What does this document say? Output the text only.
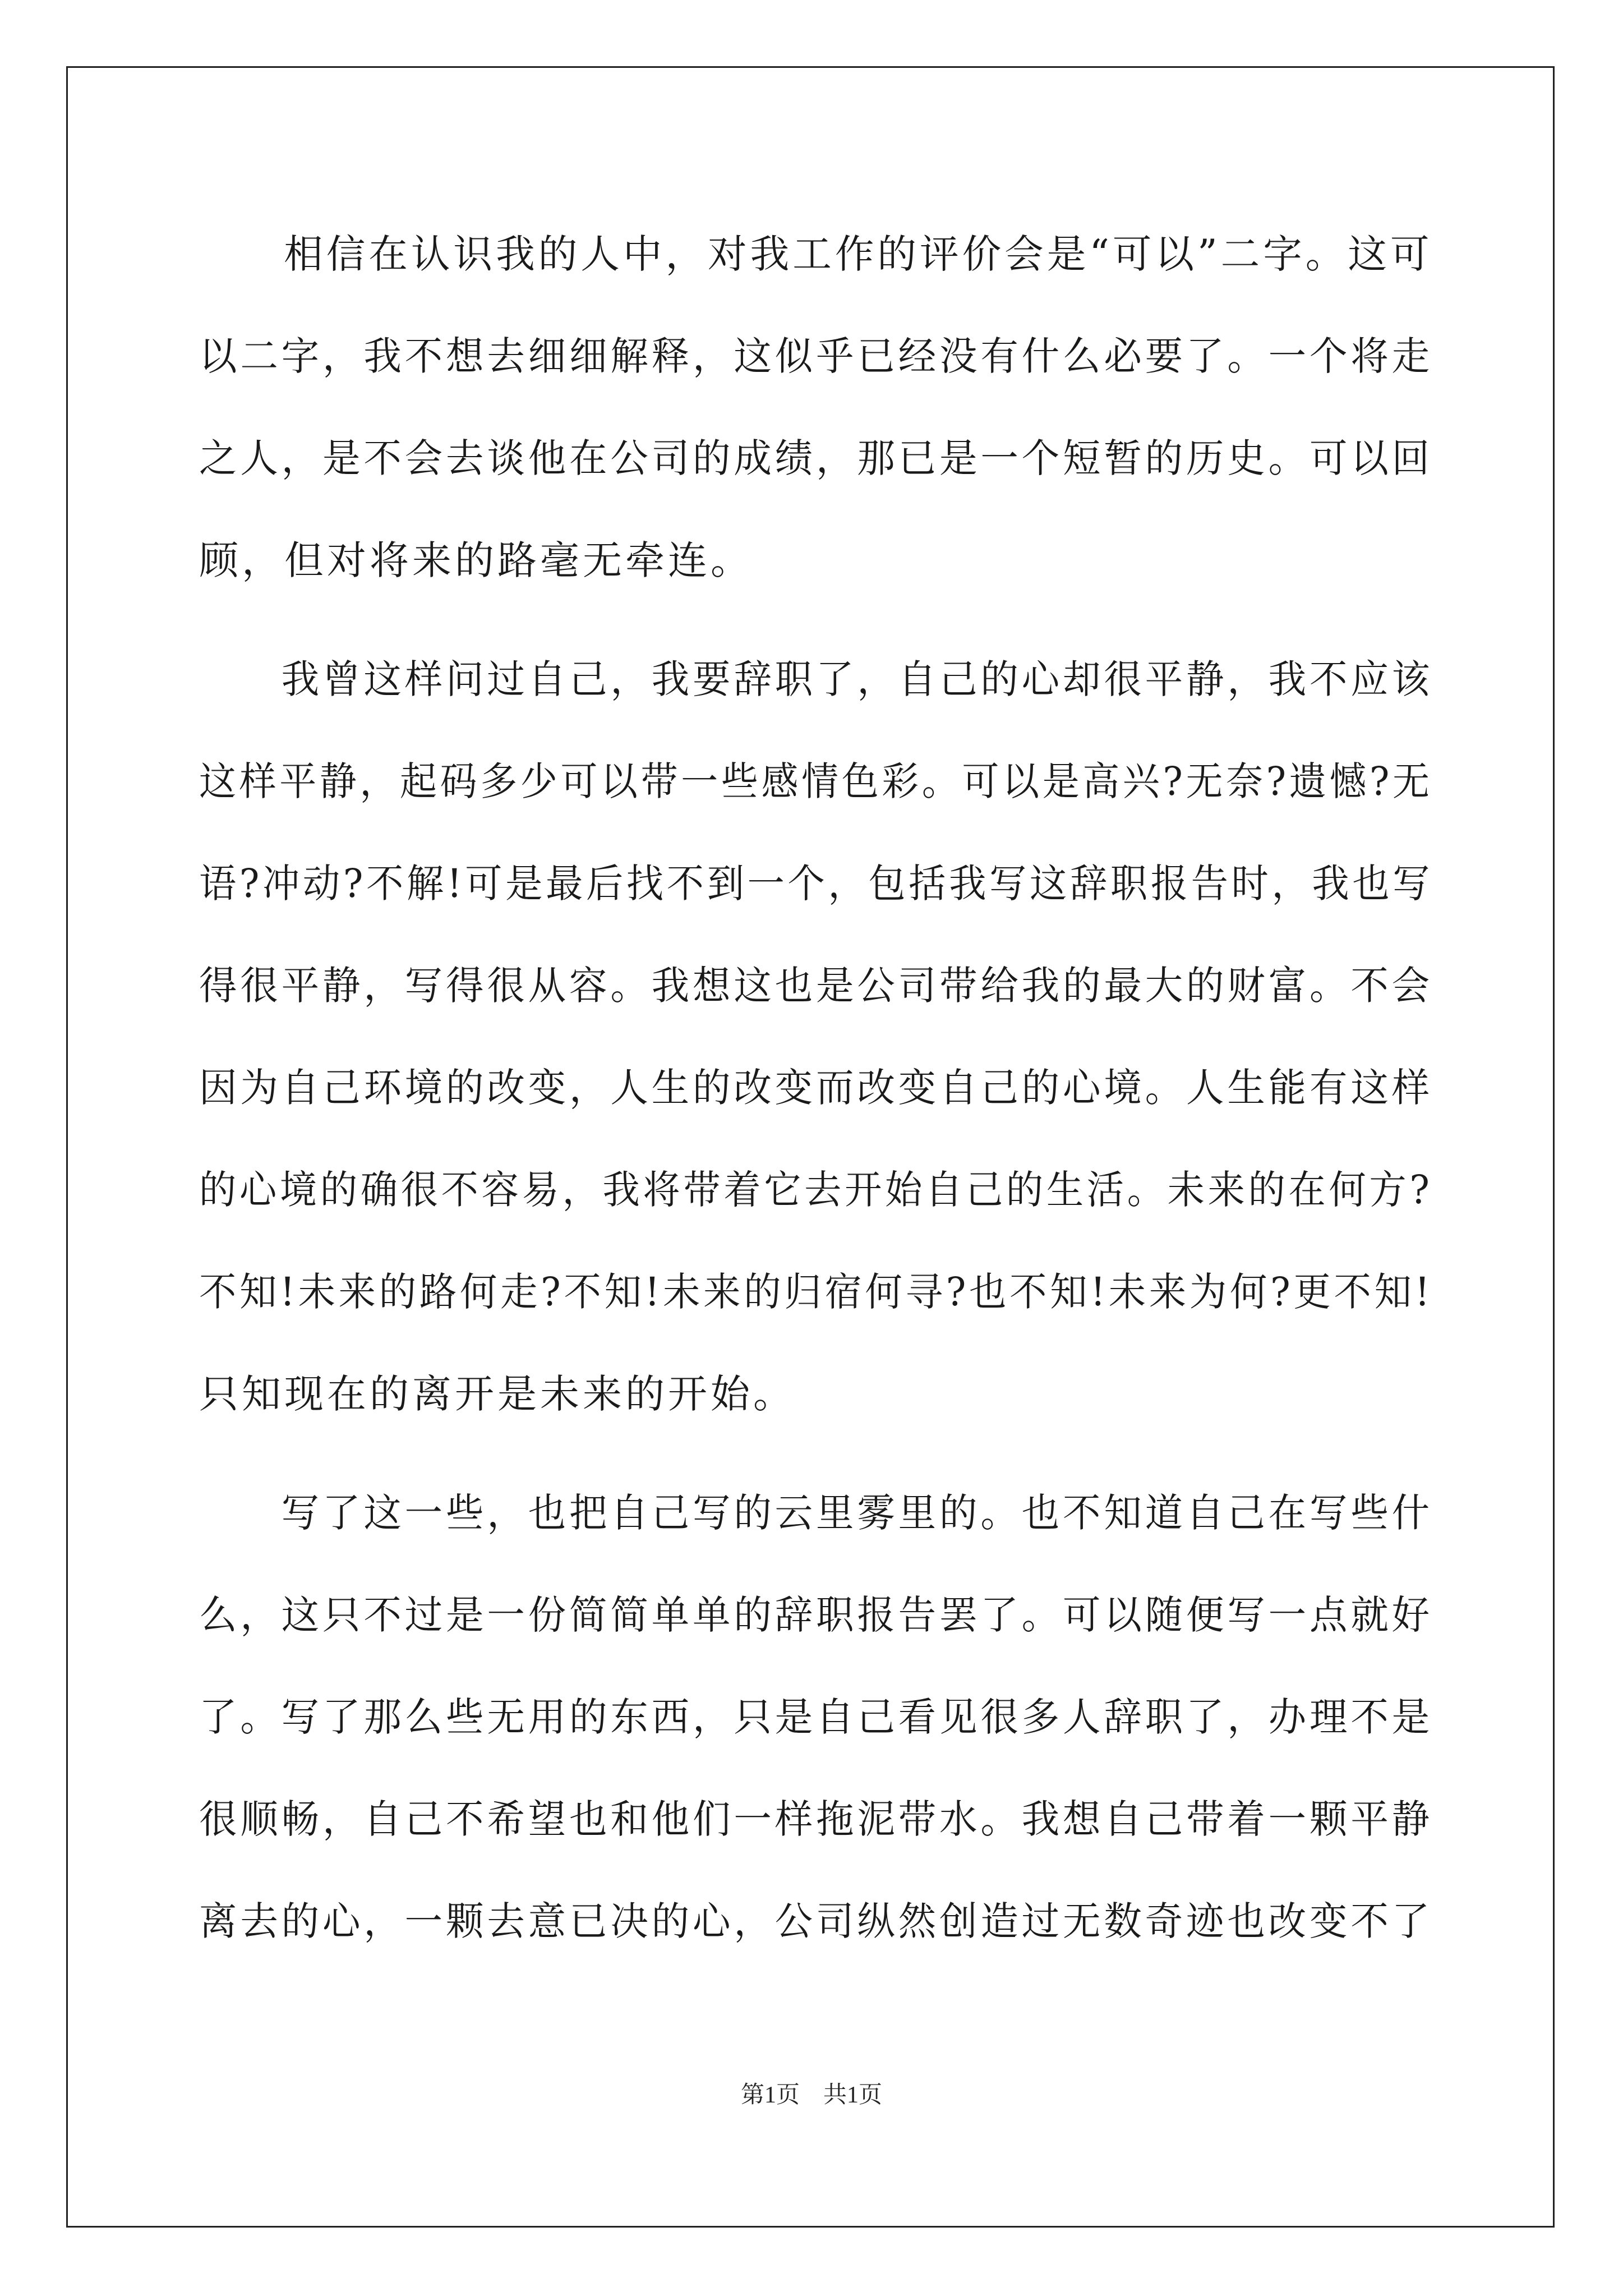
　　相信在认识我的人中，对我工作的评价会是“可以”二字。这可
以二字，我不想去细细解释，这似乎已经没有什么必要了。一个将走
之人，是不会去谈他在公司的成绩，那已是一个短暂的历史。可以回
顾，但对将来的路毫无牵连。
　　我曾这样问过自己，我要辞职了，自己的心却很平静，我不应该
这样平静，起码多少可以带一些感情色彩。可以是高兴?无奈?遗憾?无
语?冲动?不解!可是最后找不到一个，包括我写这辞职报告时，我也写
得很平静，写得很从容。我想这也是公司带给我的最大的财富。不会
因为自己环境的改变，人生的改变而改变自己的心境。人生能有这样
的心境的确很不容易，我将带着它去开始自己的生活。未来的在何方?
不知!未来的路何走?不知!未来的归宿何寻?也不知!未来为何?更不知!
只知现在的离开是未来的开始。
　　写了这一些，也把自己写的云里雾里的。也不知道自己在写些什
么，这只不过是一份简简单单的辞职报告罢了。可以随便写一点就好
了。写了那么些无用的东西，只是自己看见很多人辞职了，办理不是
很顺畅，自己不希望也和他们一样拖泥带水。我想自己带着一颗平静
离去的心，一颗去意已决的心，公司纵然创造过无数奇迹也改变不了
第1页　共1页
